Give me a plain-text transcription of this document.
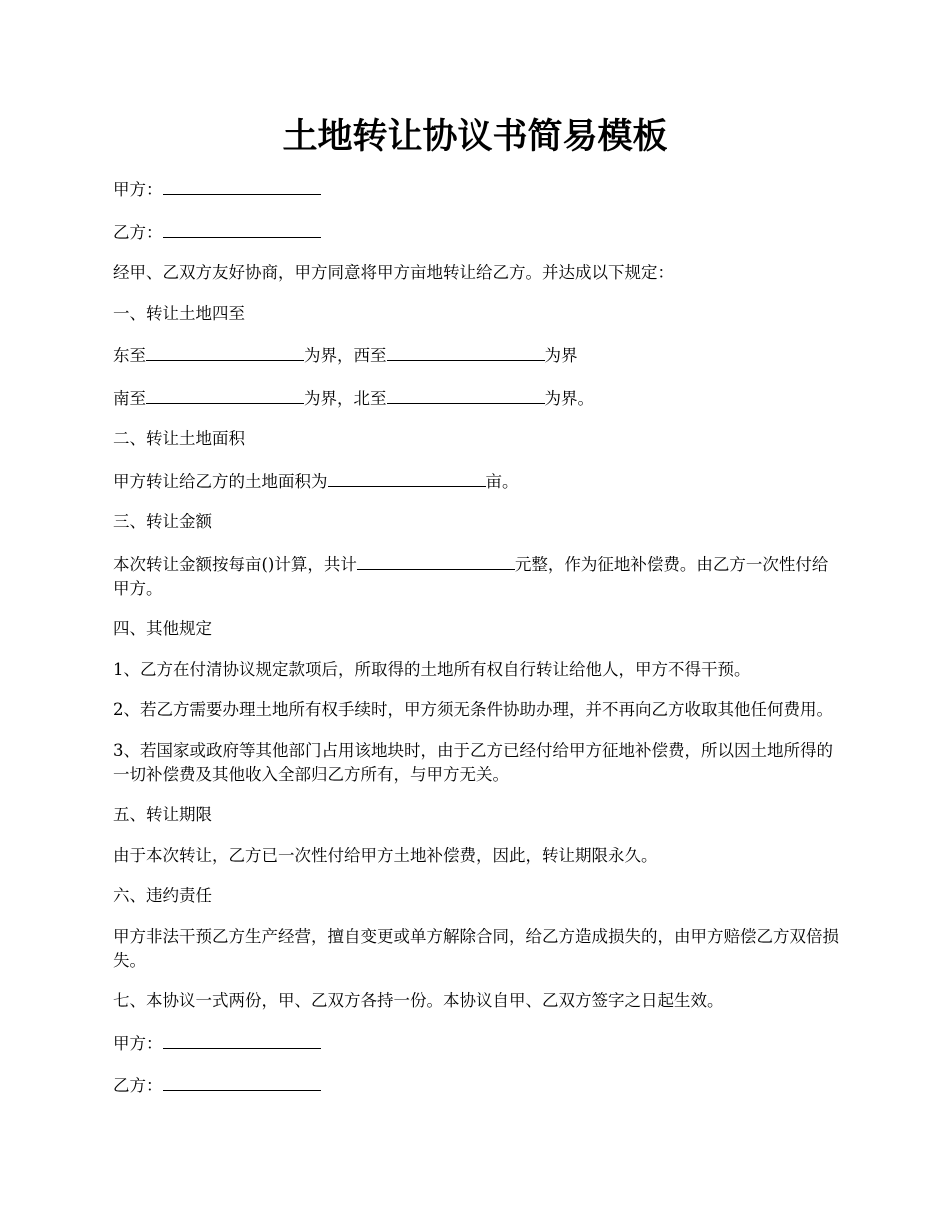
土地转让协议书简易模板

甲方：

乙方：

经甲、乙双方友好协商，甲方同意将甲方亩地转让给乙方。并达成以下规定：

一、转让土地四至

东至	为界，西至	为界

南至	为界，北至	为界。

二、转让土地面积

甲方转让给乙方的土地面积为	亩。

三、转让金额

本次转让金额按每亩()计算，共计	元整，作为征地补偿费。由乙方一次性付给甲方。

四、其他规定

1、乙方在付清协议规定款项后，所取得的土地所有权自行转让给他人，甲方不得干预。

2、若乙方需要办理土地所有权手续时，甲方须无条件协助办理，并不再向乙方收取其他任何费用。

3、若国家或政府等其他部门占用该地块时，由于乙方已经付给甲方征地补偿费，所以因土地所得的一切补偿费及其他收入全部归乙方所有，与甲方无关。

五、转让期限

由于本次转让，乙方已一次性付给甲方土地补偿费，因此，转让期限永久。

六、违约责任

甲方非法干预乙方生产经营，擅自变更或单方解除合同，给乙方造成损失的，由甲方赔偿乙方双倍损失。

七、本协议一式两份，甲、乙双方各持一份。本协议自甲、乙双方签字之日起生效。

甲方：

乙方：
